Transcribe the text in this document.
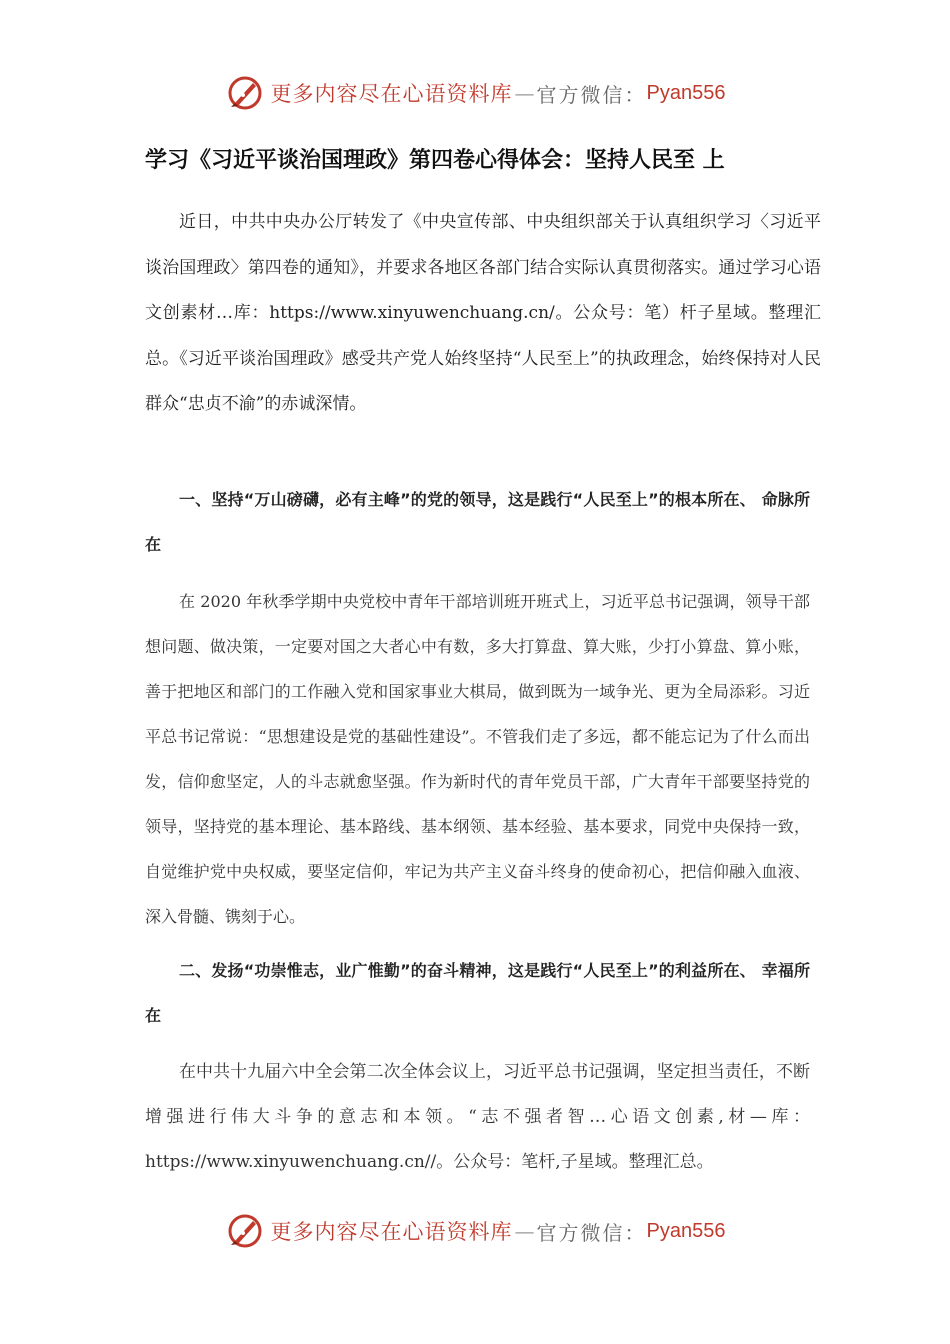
更多内容尽在心语资料库 — 官方微信： Pyan556
学习《习近平谈治国理政》第四卷心得体会：坚持人民至 上

近日，中共中央办公厅转发了《中央宣传部、中央组织部关于认真组织学习〈习近平谈治国理政〉第四卷的通知》，并要求各地区各部门结合实际认真贯彻落实。通过学习心语文创素材…库：https://www.xinyuwenchuang.cn/。公众号：笔）杆子星域。整理汇总。《习近平谈治国理政》感受共产党人始终坚持“人民至上”的执政理念，始终保持对人民群众“忠贞不渝”的赤诚深情。

一、坚持“万山磅礴，必有主峰”的党的领导，这是践行“人民至上”的根本所在、 命脉所在

在 2020 年秋季学期中央党校中青年干部培训班开班式上，习近平总书记强调，领导干部想问题、做决策，一定要对国之大者心中有数，多大打算盘、算大账，少打小算盘、算小账，善于把地区和部门的工作融入党和国家事业大棋局，做到既为一域争光、更为全局添彩。习近平总书记常说：“思想建设是党的基础性建设”。不管我们走了多远，都不能忘记为了什么而出发，信仰愈坚定，人的斗志就愈坚强。作为新时代的青年党员干部，广大青年干部要坚持党的领导，坚持党的基本理论、基本路线、基本纲领、基本经验、基本要求，同党中央保持一致，自觉维护党中央权威，要坚定信仰，牢记为共产主义奋斗终身的使命初心，把信仰融入血液、深入骨髓、镌刻于心。

二、发扬“功崇惟志，业广惟勤”的奋斗精神，这是践行“人民至上”的利益所在、 幸福所在

在中共十九届六中全会第二次全体会议上，习近平总书记强调，坚定担当责任，不断增强进行伟大斗争的意志和本领。“志不强者智…心语文创素,材—库：https://www.xinyuwenchuang.cn//。公众号：笔杆,子星域。整理汇总。

更多内容尽在心语资料库 — 官方微信： Pyan556
